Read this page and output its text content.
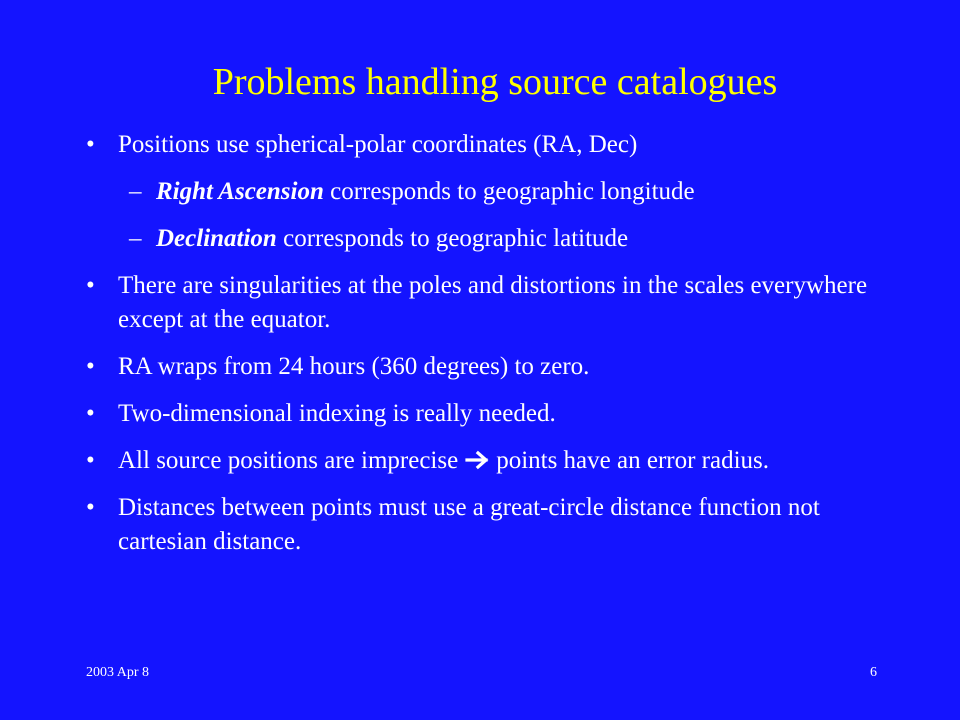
Problems handling source catalogues
• Positions use spherical-polar coordinates (RA, Dec)
– Right Ascension corresponds to geographic longitude
– Declination corresponds to geographic latitude
• There are singularities at the poles and distortions in the scales everywhere except at the equator.
• RA wraps from 24 hours (360 degrees) to zero.
• Two-dimensional indexing is really needed.
• All source positions are imprecise points have an error radius.
• Distances between points must use a great-circle distance function not cartesian distance.
2003 Apr 8	6
